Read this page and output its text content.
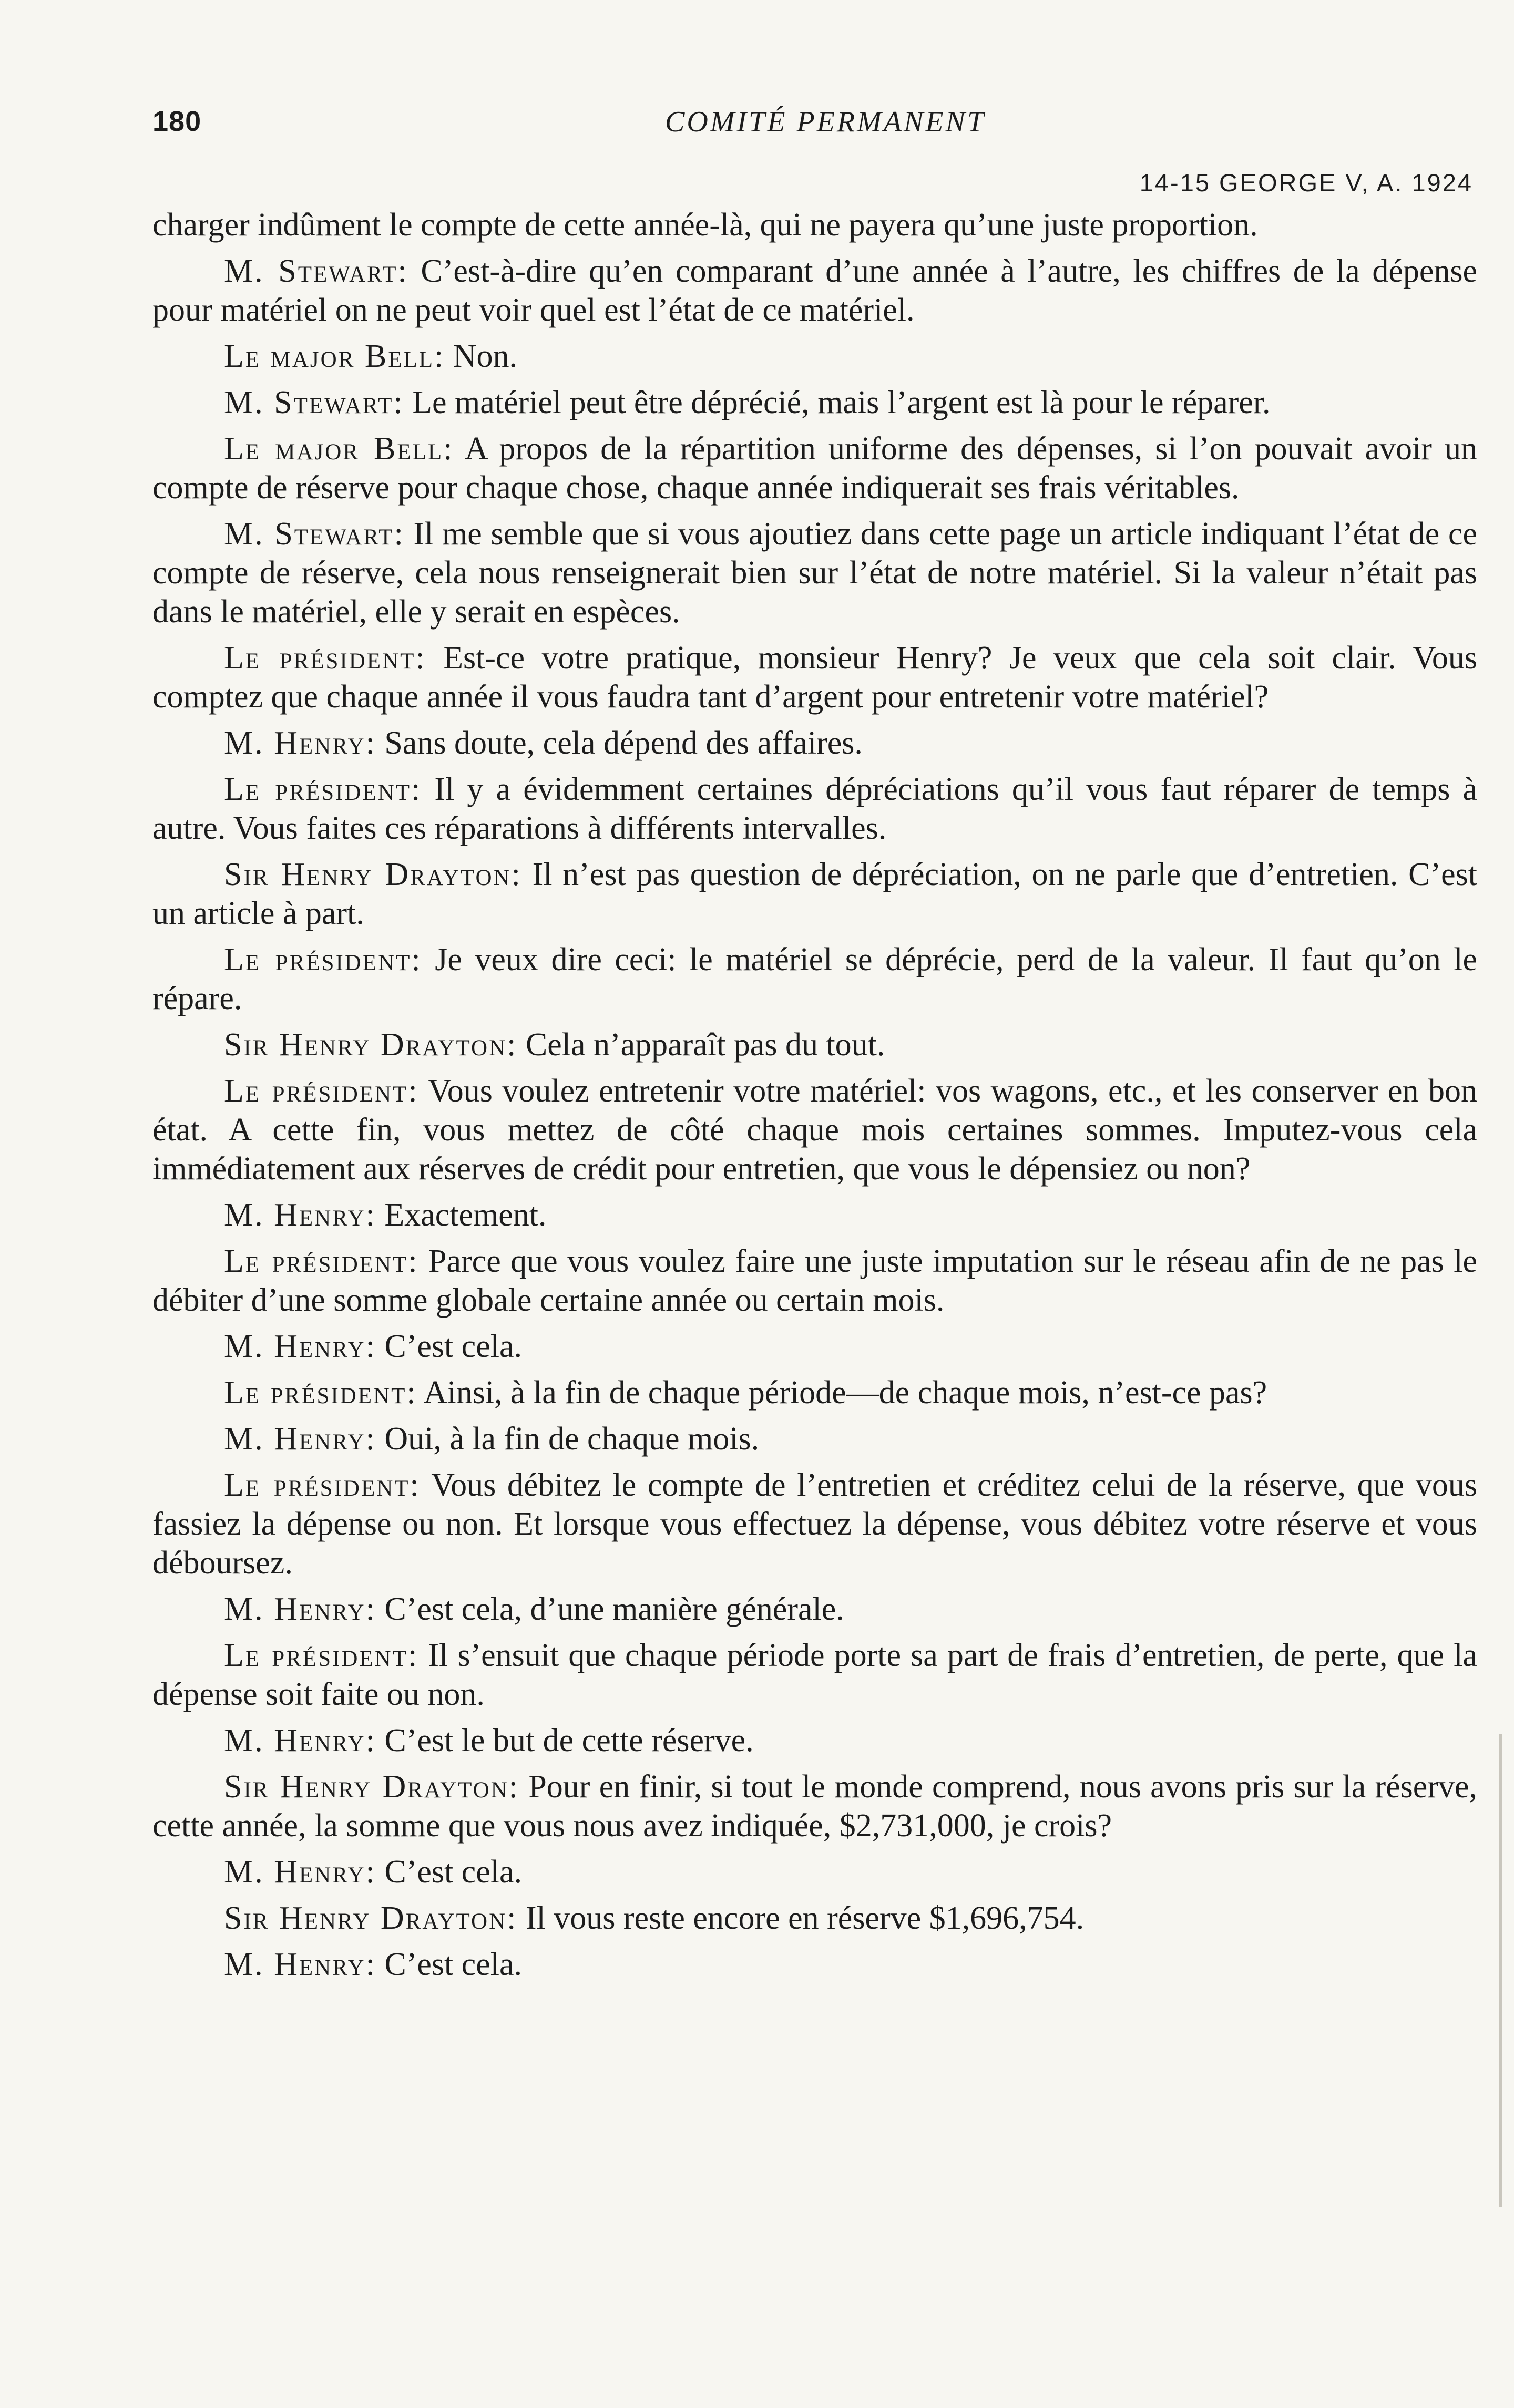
180	COMITÉ PERMANENT
14-15 GEORGE V, A. 1924

charger indûment le compte de cette année-là, qui ne payera qu’une juste proportion.

M. Stewart: C’est-à-dire qu’en comparant d’une année à l’autre, les chiffres de la dépense pour matériel on ne peut voir quel est l’état de ce matériel.

Le major Bell: Non.

M. Stewart: Le matériel peut être déprécié, mais l’argent est là pour le réparer.

Le major Bell: A propos de la répartition uniforme des dépenses, si l’on pouvait avoir un compte de réserve pour chaque chose, chaque année indiquerait ses frais véritables.

M. Stewart: Il me semble que si vous ajoutiez dans cette page un article indiquant l’état de ce compte de réserve, cela nous renseignerait bien sur l’état de notre matériel. Si la valeur n’était pas dans le matériel, elle y serait en espèces.

Le président: Est-ce votre pratique, monsieur Henry? Je veux que cela soit clair. Vous comptez que chaque année il vous faudra tant d’argent pour entretenir votre matériel?

M. Henry: Sans doute, cela dépend des affaires.

Le président: Il y a évidemment certaines dépréciations qu’il vous faut réparer de temps à autre. Vous faites ces réparations à différents intervalles.

Sir Henry Drayton: Il n’est pas question de dépréciation, on ne parle que d’entretien. C’est un article à part.

Le président: Je veux dire ceci: le matériel se déprécie, perd de la valeur. Il faut qu’on le répare.

Sir Henry Drayton: Cela n’apparaît pas du tout.

Le président: Vous voulez entretenir votre matériel: vos wagons, etc., et les conserver en bon état. A cette fin, vous mettez de côté chaque mois certaines sommes. Imputez-vous cela immédiatement aux réserves de crédit pour entretien, que vous le dépensiez ou non?

M. Henry: Exactement.

Le président: Parce que vous voulez faire une juste imputation sur le réseau afin de ne pas le débiter d’une somme globale certaine année ou certain mois.

M. Henry: C’est cela.

Le président: Ainsi, à la fin de chaque période—de chaque mois, n’est-ce pas?

M. Henry: Oui, à la fin de chaque mois.

Le président: Vous débitez le compte de l’entretien et créditez celui de la réserve, que vous fassiez la dépense ou non. Et lorsque vous effectuez la dépense, vous débitez votre réserve et vous déboursez.

M. Henry: C’est cela, d’une manière générale.

Le président: Il s’ensuit que chaque période porte sa part de frais d’entretien, de perte, que la dépense soit faite ou non.

M. Henry: C’est le but de cette réserve.

Sir Henry Drayton: Pour en finir, si tout le monde comprend, nous avons pris sur la réserve, cette année, la somme que vous nous avez indiquée, $2,731,000, je crois?

M. Henry: C’est cela.

Sir Henry Drayton: Il vous reste encore en réserve $1,696,754.

M. Henry: C’est cela.
